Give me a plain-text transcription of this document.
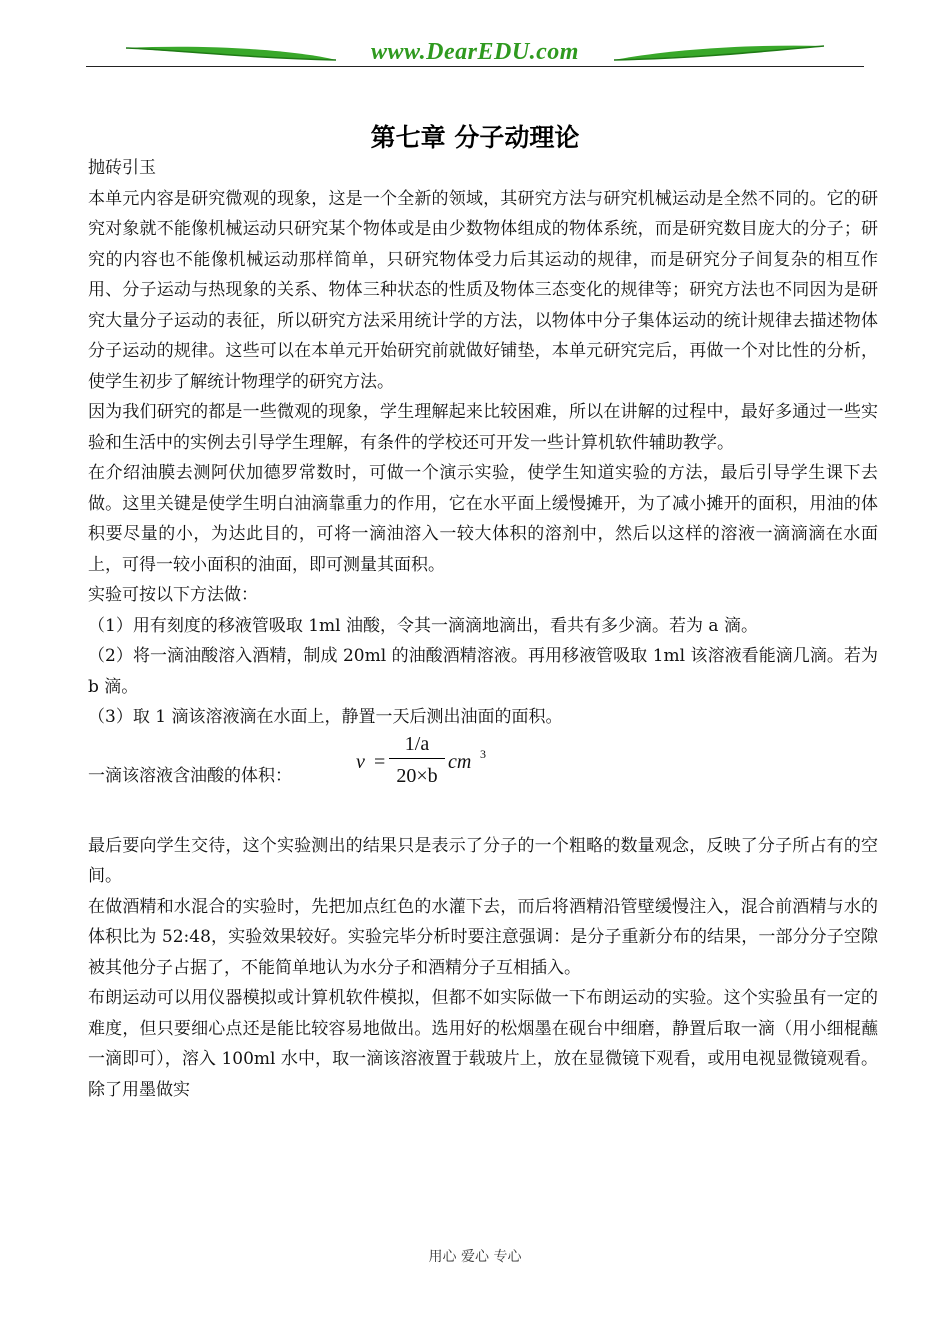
www.DearEDU.com
第七章 分子动理论

抛砖引玉

本单元内容是研究微观的现象，这是一个全新的领域，其研究方法与研究机械运动是全然不同的。它的研究对象就不能像机械运动只研究某个物体或是由少数物体组成的物体系统，而是研究数目庞大的分子；研究的内容也不能像机械运动那样简单，只研究物体受力后其运动的规律，而是研究分子间复杂的相互作用、分子运动与热现象的关系、物体三种状态的性质及物体三态变化的规律等；研究方法也不同因为是研究大量分子运动的表征，所以研究方法采用统计学的方法，以物体中分子集体运动的统计规律去描述物体分子运动的规律。这些可以在本单元开始研究前就做好铺垫，本单元研究完后，再做一个对比性的分析，使学生初步了解统计物理学的研究方法。

因为我们研究的都是一些微观的现象，学生理解起来比较困难，所以在讲解的过程中，最好多通过一些实验和生活中的实例去引导学生理解，有条件的学校还可开发一些计算机软件辅助教学。

在介绍油膜去测阿伏加德罗常数时，可做一个演示实验，使学生知道实验的方法，最后引导学生课下去做。这里关键是使学生明白油滴靠重力的作用，它在水平面上缓慢摊开，为了减小摊开的面积，用油的体积要尽量的小，为达此目的，可将一滴油溶入一较大体积的溶剂中，然后以这样的溶液一滴滴滴在水面上，可得一较小面积的油面，即可测量其面积。

实验可按以下方法做：

（1）用有刻度的移液管吸取 1ml 油酸，令其一滴滴地滴出，看共有多少滴。若为 a 滴。

（2）将一滴油酸溶入酒精，制成 20ml 的油酸酒精溶液。再用移液管吸取 1ml 该溶液看能滴几滴。若为 b 滴。

（3）取 1 滴该溶液滴在水面上，静置一天后测出油面的面积。

一滴该溶液含油酸的体积：
v =
1/a
20×b
cm 3

最后要向学生交待，这个实验测出的结果只是表示了分子的一个粗略的数量观念，反映了分子所占有的空间。

在做酒精和水混合的实验时，先把加点红色的水灌下去，而后将酒精沿管壁缓慢注入，混合前酒精与水的体积比为 52:48，实验效果较好。实验完毕分析时要注意强调：是分子重新分布的结果，一部分分子空隙被其他分子占据了，不能简单地认为水分子和酒精分子互相插入。

布朗运动可以用仪器模拟或计算机软件模拟，但都不如实际做一下布朗运动的实验。这个实验虽有一定的难度，但只要细心点还是能比较容易地做出。选用好的松烟墨在砚台中细磨，静置后取一滴（用小细棍蘸一滴即可），溶入 100ml 水中，取一滴该溶液置于载玻片上，放在显微镜下观看，或用电视显微镜观看。除了用墨做实

用心 爱心 专心
